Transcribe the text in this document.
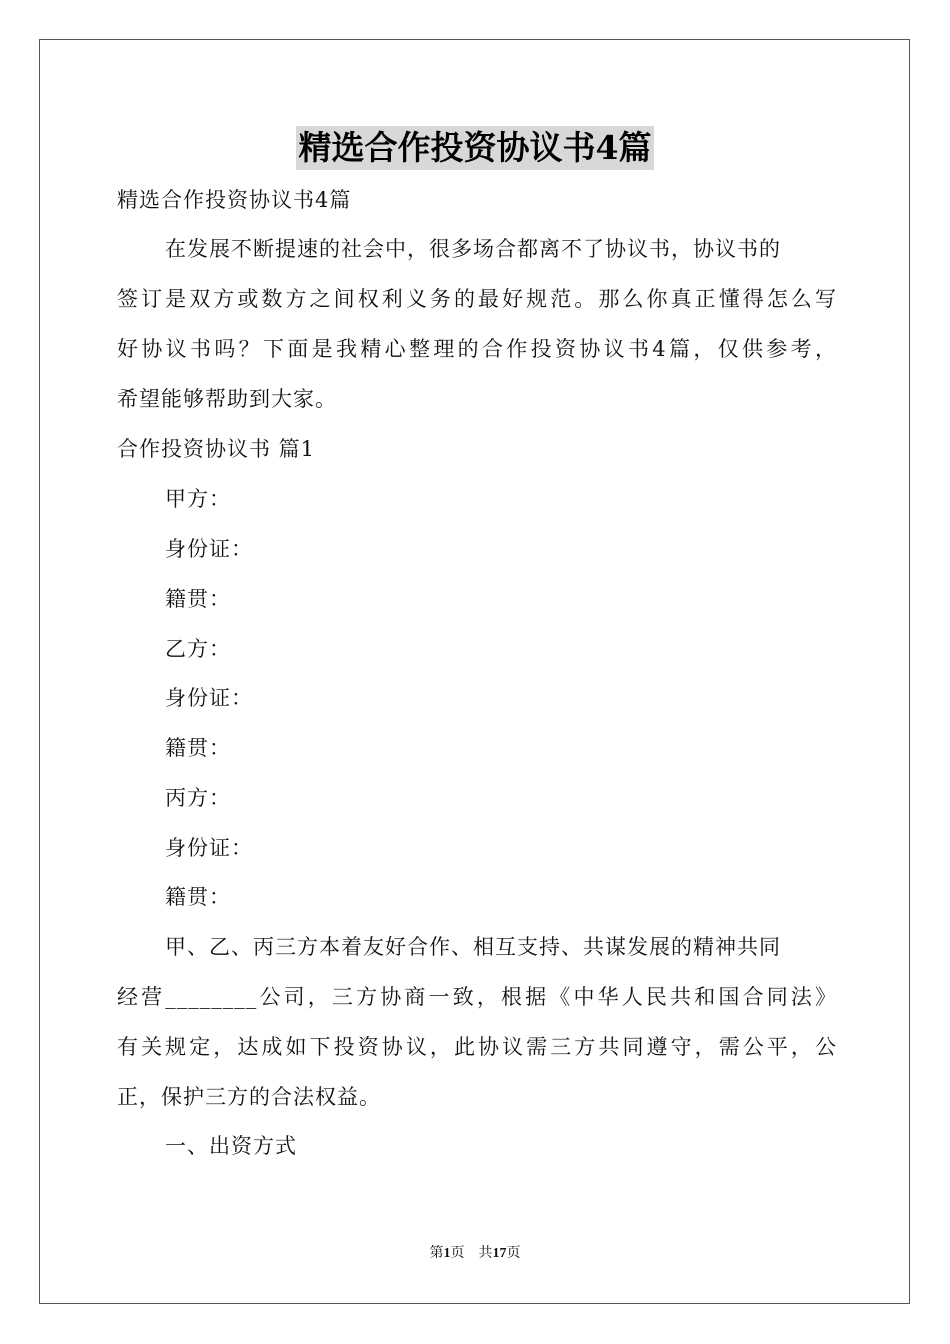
精选合作投资协议书4篇
精选合作投资协议书4篇
在发展不断提速的社会中，很多场合都离不了协议书，协议书的
签订是双方或数方之间权利义务的最好规范。那么你真正懂得怎么写
好协议书吗？下面是我精心整理的合作投资协议书4篇，仅供参考，
希望能够帮助到大家。
合作投资协议书 篇1
甲方：
身份证：
籍贯：
乙方：
身份证：
籍贯：
丙方：
身份证：
籍贯：
甲、乙、丙三方本着友好合作、相互支持、共谋发展的精神共同
经营________公司，三方协商一致，根据《中华人民共和国合同法》
有关规定，达成如下投资协议，此协议需三方共同遵守，需公平，公
正，保护三方的合法权益。
一、出资方式
第1页    共17页
